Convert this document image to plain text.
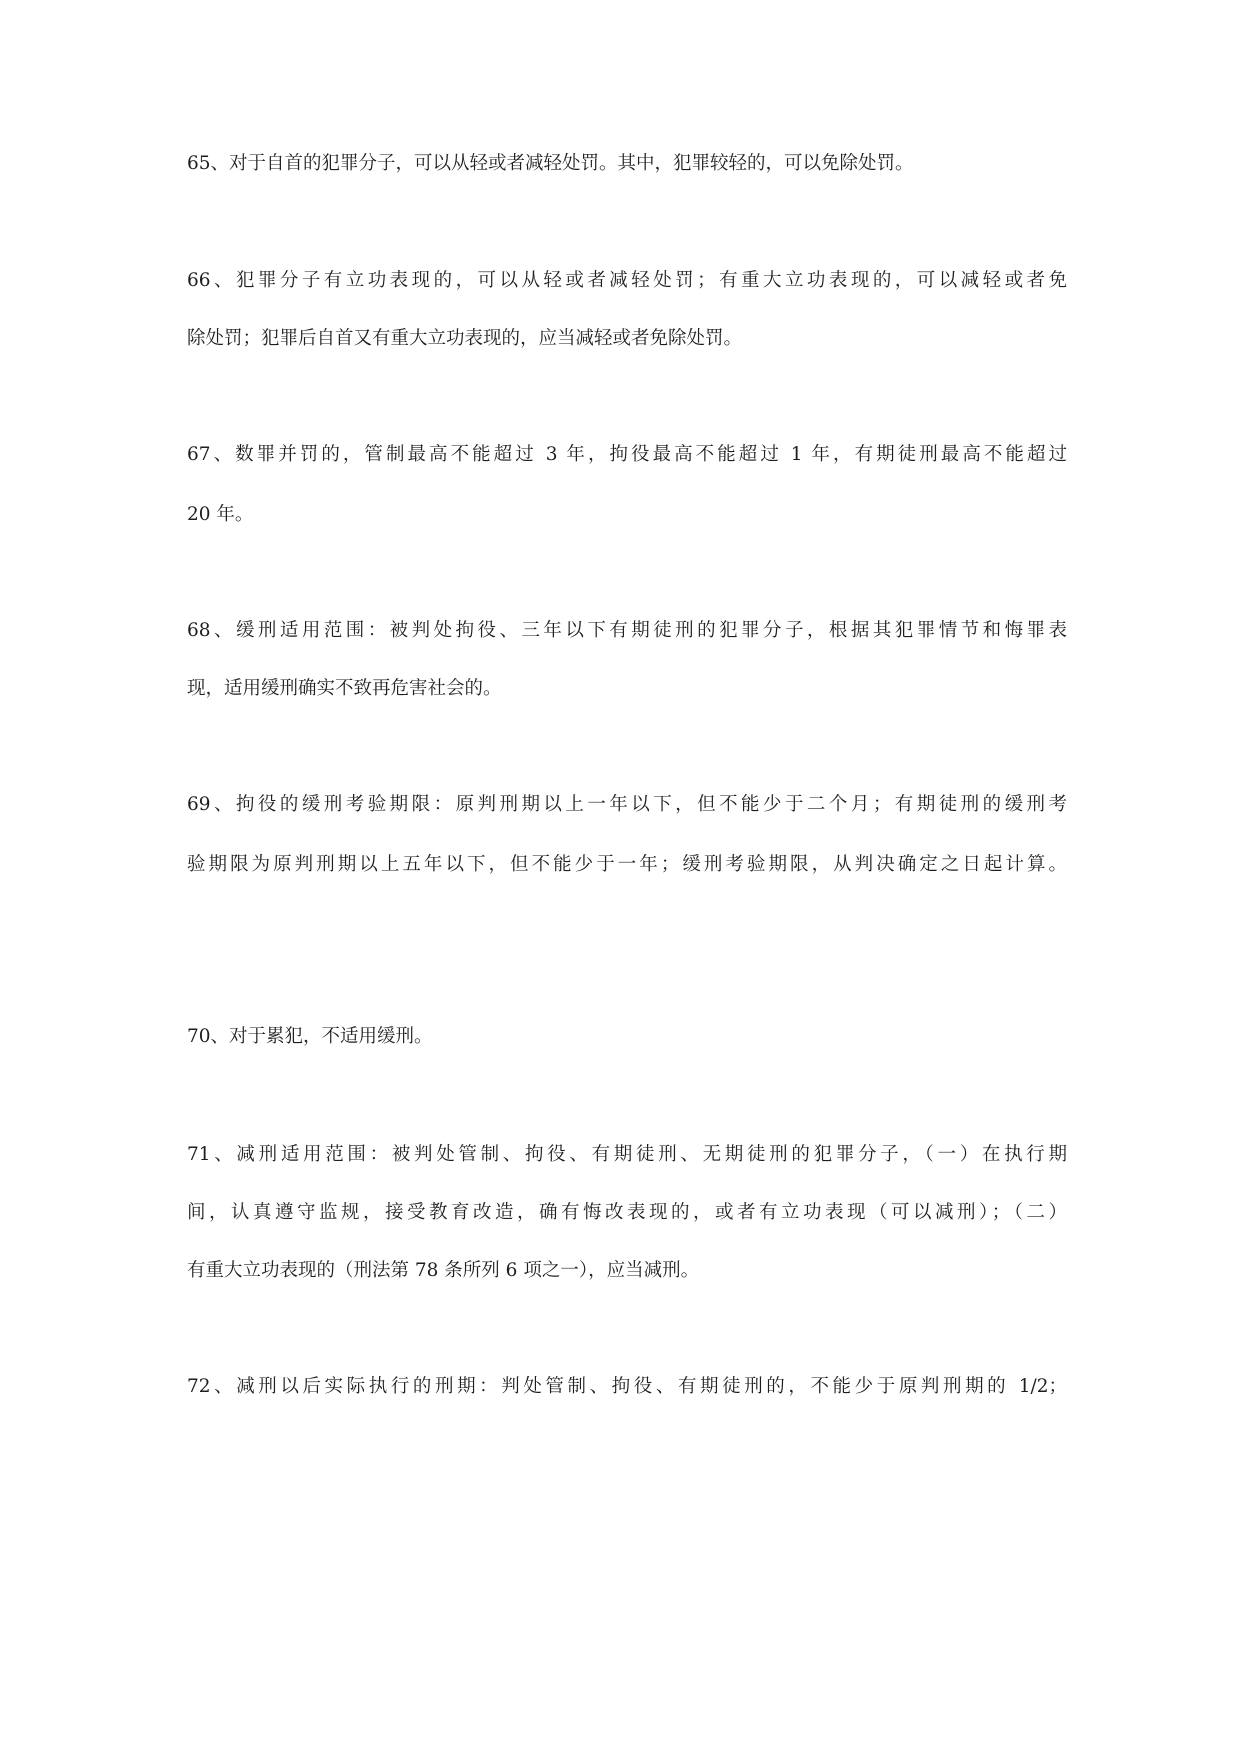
65、对于自首的犯罪分子，可以从轻或者减轻处罚。其中，犯罪较轻的，可以免除处罚。
66、犯罪分子有立功表现的，可以从轻或者减轻处罚；有重大立功表现的，可以减轻或者免
除处罚；犯罪后自首又有重大立功表现的，应当减轻或者免除处罚。
67、数罪并罚的，管制最高不能超过 3 年，拘役最高不能超过 1 年，有期徒刑最高不能超过
20 年。
68、缓刑适用范围：被判处拘役、三年以下有期徒刑的犯罪分子，根据其犯罪情节和悔罪表
现，适用缓刑确实不致再危害社会的。
69、拘役的缓刑考验期限：原判刑期以上一年以下，但不能少于二个月；有期徒刑的缓刑考
验期限为原判刑期以上五年以下，但不能少于一年；缓刑考验期限，从判决确定之日起计算。
70、对于累犯，不适用缓刑。
71、减刑适用范围：被判处管制、拘役、有期徒刑、无期徒刑的犯罪分子，（一）在执行期
间，认真遵守监规，接受教育改造，确有悔改表现的，或者有立功表现（可以减刑）；（二）
有重大立功表现的（刑法第 78 条所列 6 项之一），应当减刑。
72、减刑以后实际执行的刑期：判处管制、拘役、有期徒刑的，不能少于原判刑期的 1/2；
